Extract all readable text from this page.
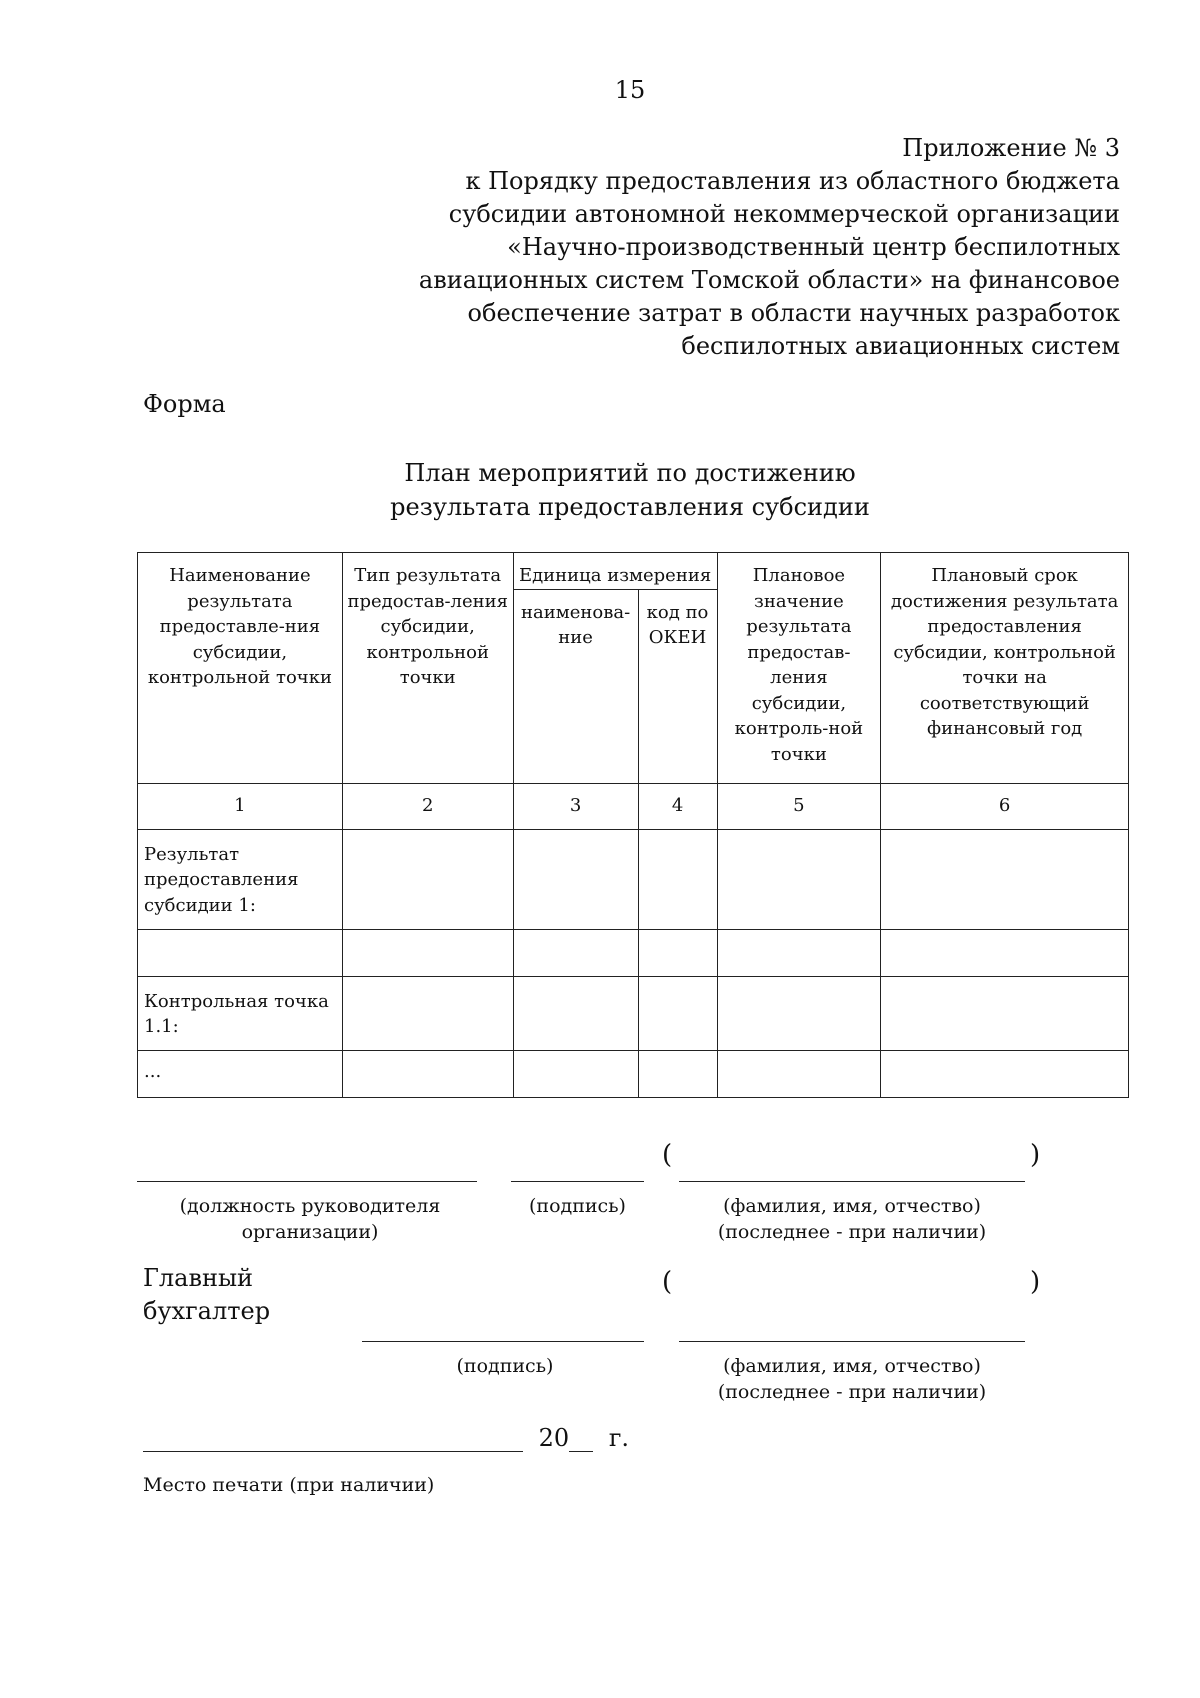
15
Приложение № 3
к Порядку предоставления из областного бюджета
субсидии автономной некоммерческой организации
«Научно-производственный центр беспилотных
авиационных систем Томской области» на финансовое
обеспечение затрат в области научных разработок
беспилотных авиационных систем
Форма
План мероприятий по достижению
результата предоставления субсидии
Наименование результата предоставле-ния субсидии, контрольной точки	Тип результата предостав-ления субсидии, контрольной точки	Единица измерения		Плановое значение результата предостав-ления субсидии, контроль-ной точки	Плановый срок достижения результата предоставления субсидии, контрольной точки на соответствующий финансовый год
		наименова-ние	код по ОКЕИ		
1	2	3	4	5	6
Результат предоставления субсидии 1:					

Контрольная точка 1.1:					
...					
(	)
(должность руководителя организации)
(подпись)	(фамилия, имя, отчество)
(последнее - при наличии)
Главный
бухгалтер
(	)
(подпись)	(фамилия, имя, отчество)
(последнее - при наличии)
20 г.
Место печати (при наличии)
